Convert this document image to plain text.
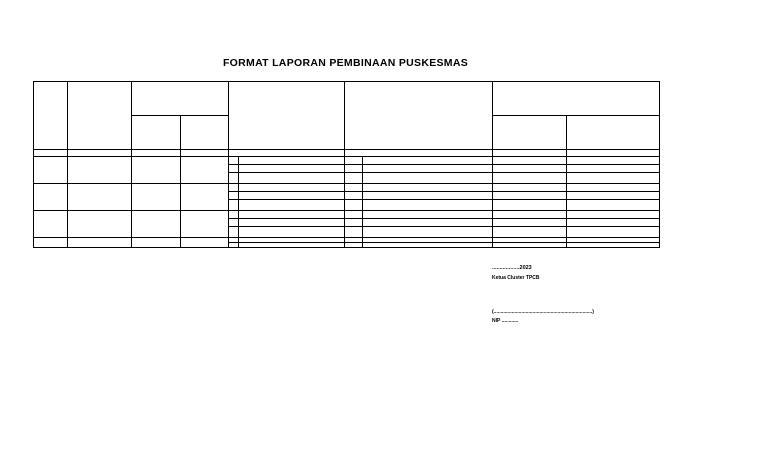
FORMAT LAPORAN PEMBINAAN PUSKESMAS
..................2023
Ketua Cluster TPCB
(.......................................................................)
NIP ............
